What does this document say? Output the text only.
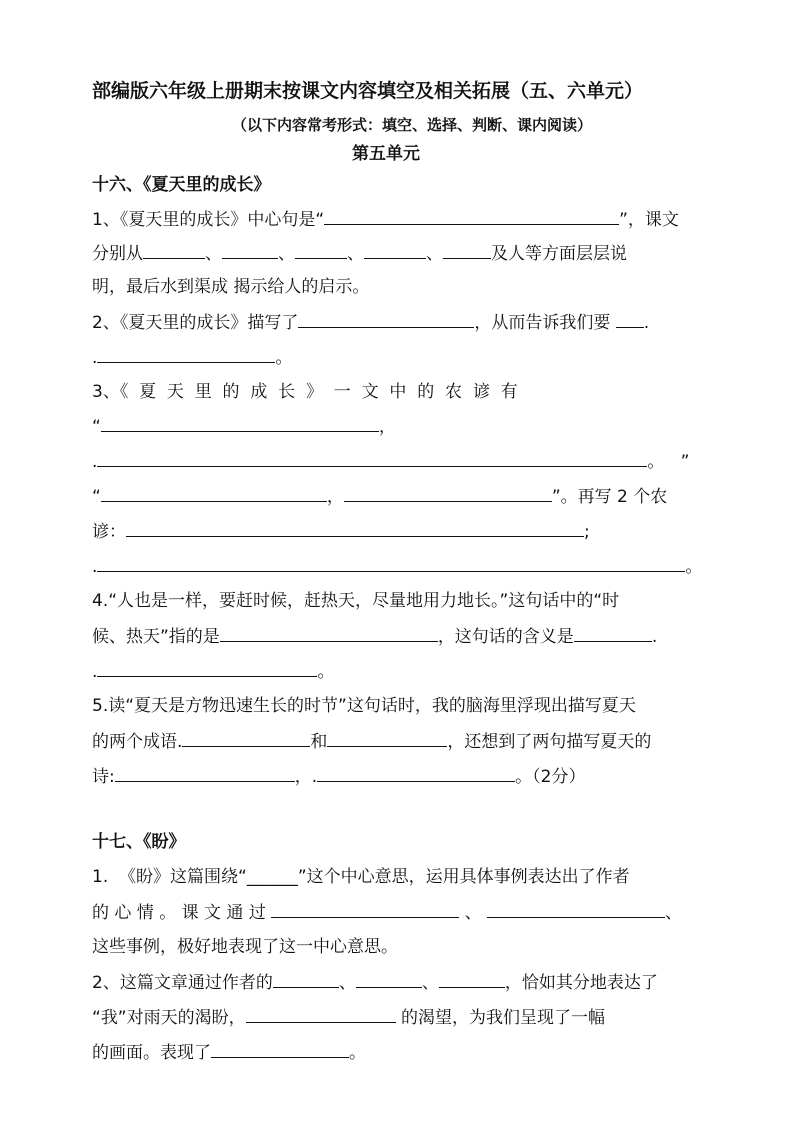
部编版六年级上册期末按课文内容填空及相关拓展（五、六单元）
（以下内容常考形式：填空、选择、判断、课内阅读）
第五单元
十六、《夏天里的成长》
1、《夏天里的成长》中心句是“	”，课文
分别从	、	、	、	、	及人等方面层层说
明，最后水到渠成 揭示给人的启示。
2、《夏天里的成长》描写了	，从而告诉我们要 .
.	。
3、《  夏  天  里  的  成  长  》  一  文  中  的  农  谚  有
“	，
.	。   ”
“	，	”。再写 2 个农
谚：	;
.	。
4.“人也是一样，要赶时候，赶热天，尽量地用力地长。”这句话中的“时
候、热天”指的是	，这句话的含义是	.
.	。
5.读“夏天是方物迅速生长的时节”这句话时，我的脑海里浮现出描写夏天
的两个成语.	和	，还想到了两句描写夏天的
诗:	，.	。（2分）
十七、《盼》
1.  《盼》这篇围绕“______”这个中心意思，运用具体事例表达出了作者
的 心 情 。 课 文 通 过	、	、
这些事例，极好地表现了这一中心意思。
2、这篇文章通过作者的	、	、	，恰如其分地表达了
“我”对雨天的渴盼，	的渴望，为我们呈现了一幅
的画面。表现了	。
